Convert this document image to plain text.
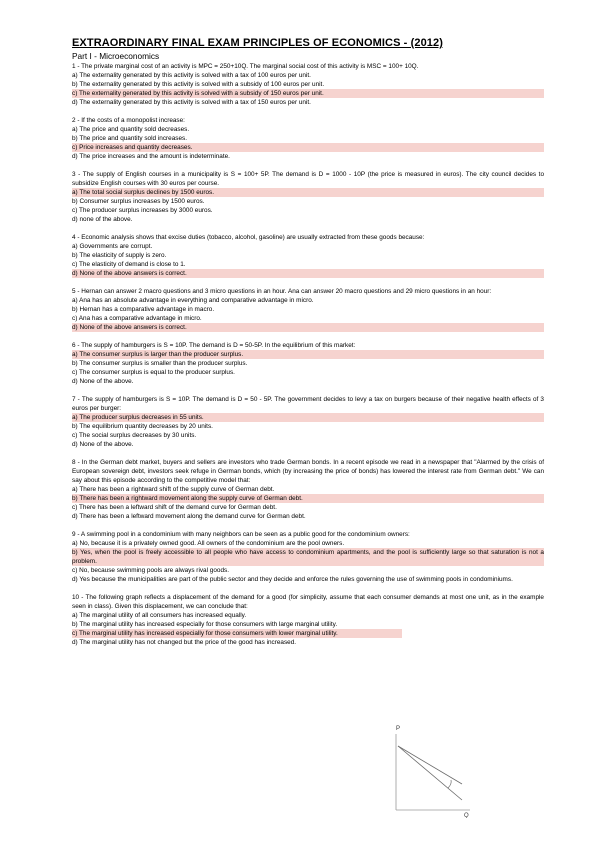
EXTRAORDINARY FINAL EXAM PRINCIPLES OF ECONOMICS - (2012)
Part I - Microeconomics

1 - The private marginal cost of an activity is MPC = 250+10Q. The marginal social cost of this activity is MSC = 100+ 10Q.

a) The externality generated by this activity is solved with a tax of 100 euros per unit.
b) The externality generated by this activity is solved with a subsidy of 100 euros per unit.
c) The externality generated by this activity is solved with a subsidy of 150 euros per unit.
d) The externality generated by this activity is solved with a tax of 150 euros per unit.

2 - If the costs of a monopolist increase:

a) The price and quantity sold decreases.
b) The price and quantity sold increases.
c) Price increases and quantity decreases.
d) The price increases and the amount is indeterminate.

3 - The supply of English courses in a municipality is S = 100+ 5P. The demand is D = 1000 - 10P (the price is measured in euros). The city council decides to subsidize English courses with 30 euros per course.

a) The total social surplus declines by 1500 euros.
b) Consumer surplus increases by 1500 euros.
c) The producer surplus increases by 3000 euros.
d) none of the above.

4 - Economic analysis shows that excise duties (tobacco, alcohol, gasoline) are usually extracted from these goods because:

a) Governments are corrupt.
b) The elasticity of supply is zero.
c) The elasticity of demand is close to 1.
d) None of the above answers is correct.

5 - Hernan can answer 2 macro questions and 3 micro questions in an hour. Ana can answer 20 macro questions and 29 micro questions in an hour:

a) Ana has an absolute advantage in everything and comparative advantage in micro.
b) Hernan has a comparative advantage in macro.
c) Ana has a comparative advantage in micro.
d) None of the above answers is correct.

6 - The supply of hamburgers is S = 10P. The demand is D = 50-5P. In the equilibrium of this market:

a) The consumer surplus is larger than the producer surplus.
b) The consumer surplus is smaller than the producer surplus.
c) The consumer surplus is equal to the producer surplus.
d) None of the above.

7 - The supply of hamburgers is S = 10P. The demand is D = 50 - 5P. The government decides to levy a tax on burgers because of their negative health effects of 3 euros per burger:

a) The producer surplus decreases in 55 units.
b) The equilibrium quantity decreases by 20 units.
c) The social surplus decreases by 30 units.
d) None of the above.

8 - In the German debt market, buyers and sellers are investors who trade German bonds. In a recent episode we read in a newspaper that "Alarmed by the crisis of European sovereign debt, investors seek refuge in German bonds, which (by increasing the price of bonds) has lowered the interest rate from German debt." We can say about this episode according to the competitive model that:

a) There has been a rightward shift of the supply curve of German debt.
b) There has been a rightward movement along the supply curve of German debt.
c) There has been a leftward shift of the demand curve for German debt.
d) There has been a leftward movement along the demand curve for German debt.

9 - A swimming pool in a condominium with many neighbors can be seen as a public good for the condominium owners:

a) No, because it is a privately owned good. All owners of the condominium are the pool owners.
b) Yes, when the pool is freely accessible to all people who have access to condominium apartments, and the pool is sufficiently large so that saturation is not a problem.
c) No, because swimming pools are always rival goods.
d) Yes because the municipalities are part of the public sector and they decide and enforce the rules governing the use of swimming pools in condominiums.

10 - The following graph reflects a displacement of the demand for a good (for simplicity, assume that each consumer demands at most one unit, as in the example seen in class). Given this displacement, we can conclude that:

a) The marginal utility of all consumers has increased equally.
b) The marginal utility has increased especially for those consumers with large marginal utility.
c) The marginal utility has increased especially for those consumers with lower marginal utility.
d) The marginal utility has not changed but the price of the good has increased.
P
Q
